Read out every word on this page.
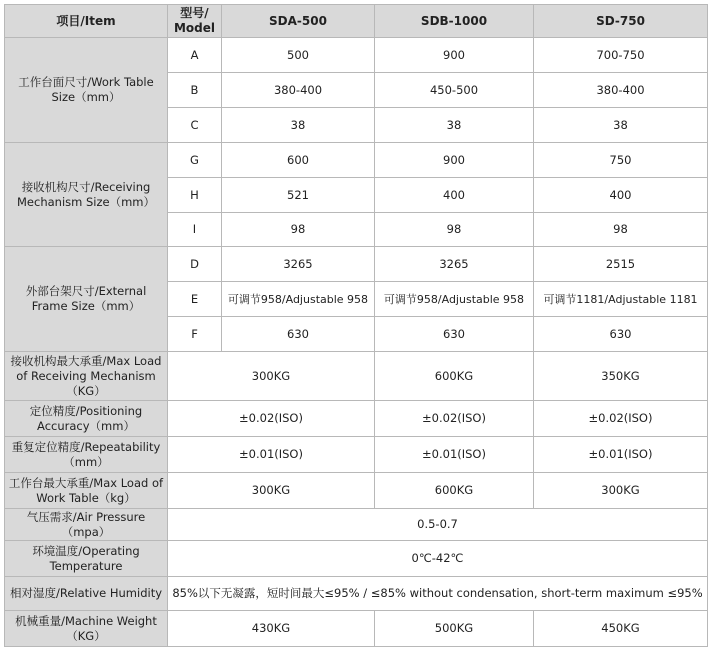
项目/Item
型号/
Model
SDA-500	SDB-1000	SD-750
工作台面尺寸/Work Table Size（mm）
A	500	900	700-750
B	380-400	450-500	380-400
C	38	38	38
接收机构尺寸/Receiving Mechanism Size（mm）
G	600	900	750
H	521	400	400
I	98	98	98
外部台架尺寸/External Frame Size（mm）
D	3265	3265	2515
E	可调节958/Adjustable 958	可调节958/Adjustable 958	可调节1181/Adjustable 1181
F	630	630	630
接收机构最大承重/Max Load of Receiving Mechanism（KG）
300KG	600KG	350KG
定位精度/Positioning Accuracy（mm）
±0.02(ISO)	±0.02(ISO)	±0.02(ISO)
重复定位精度/Repeatability（mm）
±0.01(ISO)	±0.01(ISO)	±0.01(ISO)
工作台最大承重/Max Load of Work Table（kg）
300KG	600KG	300KG
气压需求/Air Pressure（mpa）
0.5-0.7
环境温度/Operating Temperature
0℃-42℃
相对湿度/Relative Humidity 85%以下无凝露，短时间最大≤95% / ≤85% without condensation, short-term maximum ≤95%
机械重量/Machine Weight（KG）
430KG	500KG	450KG
